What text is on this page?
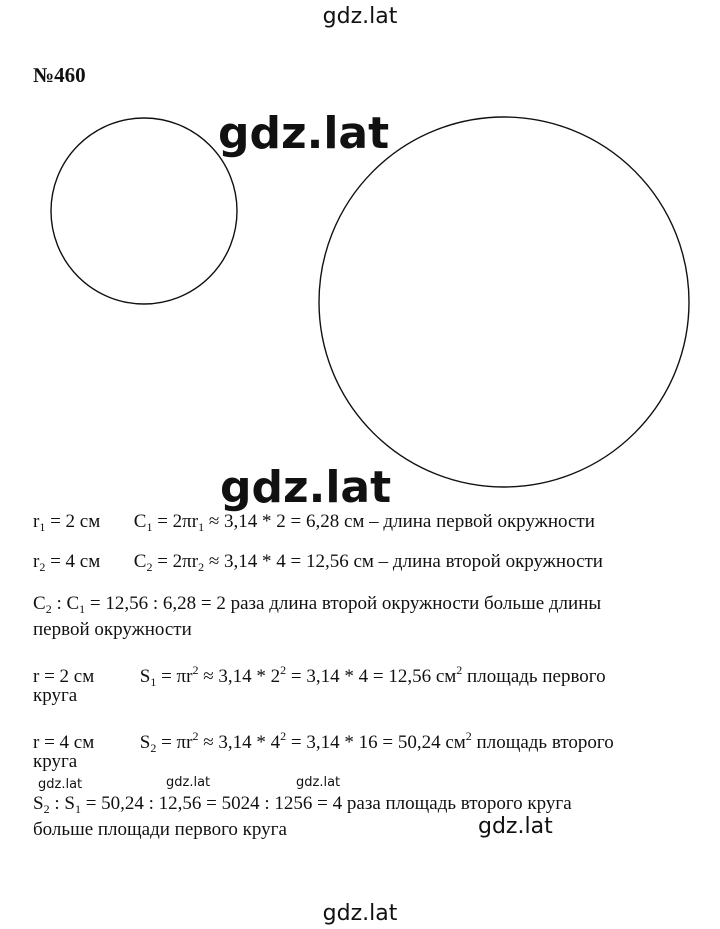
gdz.lat
№460
gdz.lat
gdz.lat
$r_1 = 2$ см $C_1 = 2\pi r_1 \approx 3,14 * 2 = 6,28$ см – длина первой окружности
$r_2 = 4$ см $C_2 = 2\pi r_2 \approx 3,14 * 4 = 12,56$ см – длина второй окружности
$C_2$ : $C_1 = 12,56$ : 6,28 = 2 раза длина второй окружности больше длины
первой окружности
r = 2 см $S_1 = \pi r^2 \approx 3,14 * 2^2 = 3,14 * 4 = 12,56$ $см^2$ площадь первого
круга
r = 4 см $S_2 = \pi r^2 \approx 3,14 * 4^2 = 3,14 * 16 = 50,24$ $см^2$ площадь второго
круга
gdz.lat	gdz.lat	gdz.lat
$S_2$ : $S_1 = 50,24$ : 12,56 = 5024 : 1256 = 4 раза площадь второго круга
больше площади первого круга	gdz.lat
gdz.lat
